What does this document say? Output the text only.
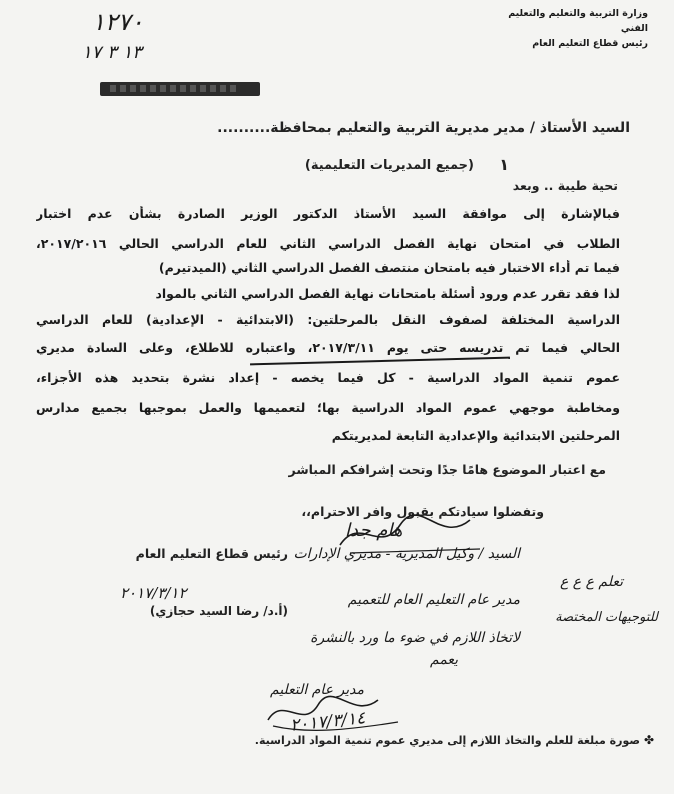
١٢٧٠
١٣ ٣ ١٧
وزارة التربية والتعليم والتعليم الفني
رئيس قطاع التعليم العام
السيد الأستاذ / مدير مديرية التربية والتعليم بمحافظة..........
(جميع المديريات التعليمية) ١
تحية طيبة .. وبعد
فبالإشارة إلى موافقة السيد الأستاذ الدكتور الوزير الصادرة بشأن عدم اختبار
الطلاب في امتحان نهاية الفصل الدراسي الثاني للعام الدراسي الحالي ٢٠١٧/٢٠١٦،
فيما تم أداء الاختبار فيه بامتحان منتصف الفصل الدراسي الثاني (الميدتيرم)
لذا فقد تقرر عدم ورود أسئلة بامتحانات نهاية الفصل الدراسي الثاني بالمواد
الدراسية المختلفة لصفوف النقل بالمرحلتين: (الابتدائية - الإعدادية) للعام الدراسي
الحالي فيما تم تدريسه حتى يوم ٢٠١٧/٣/١١، واعتباره للاطلاع، وعلى السادة مديري
عموم تنمية المواد الدراسية - كل فيما يخصه - إعداد نشرة بتحديد هذه الأجزاء،
ومخاطبة موجهي عموم المواد الدراسية بها؛ لتعميمها والعمل بموجبها بجميع مدارس
المرحلتين الابتدائية والإعدادية التابعة لمديريتكم
مع اعتبار الموضوع هامًا جدًا وتحت إشرافكم المباشر
وتفضلوا سيادتكم بقبول وافر الاحترام،،
رئيس قطاع التعليم العام
(أ.د/ رضا السيد حجازي)
هام جدا
السيد / وكيل المديرية - مديري الإدارات
٢٠١٧/٣/١٢	مدير عام التعليم العام للتعميم
لاتخاذ اللازم في ضوء ما ورد بالنشرة
يعمم
تعلم ع ع ع
للتوجيهات المختصة
مدير عام التعليم
٢٠١٧/٣/١٤
صورة مبلغة للعلم والتخاذ اللازم إلى مديري عموم تنمية المواد الدراسية. ✤
